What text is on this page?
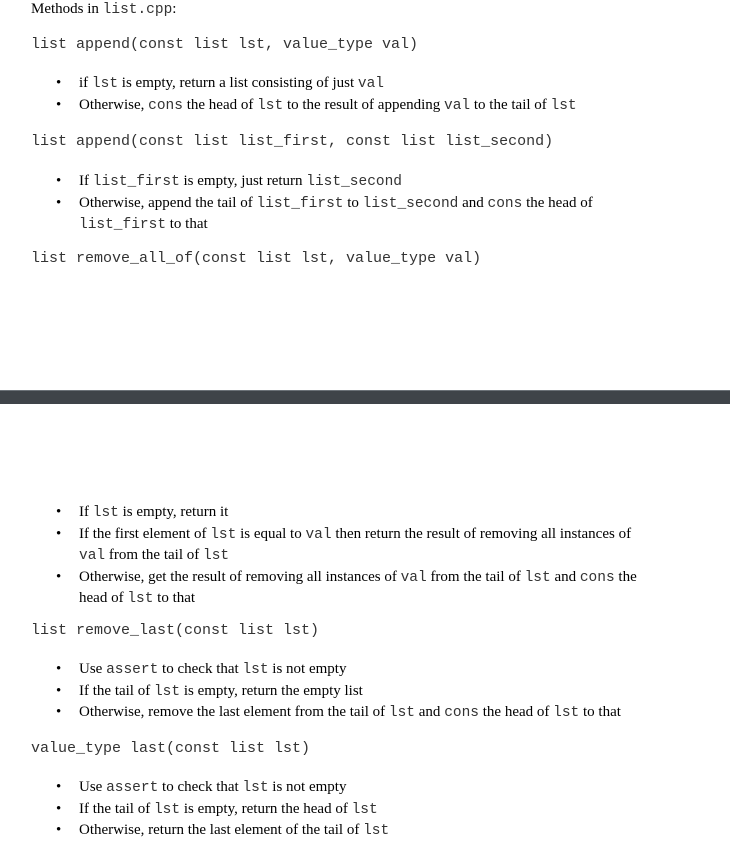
Methods in list.cpp:
list append(const list lst, value_type val)
• if lst is empty, return a list consisting of just val
• Otherwise, cons the head of lst to the result of appending val to the tail of lst
list append(const list list_first, const list list_second)
• If list_first is empty, just return list_second
• Otherwise, append the tail of list_first to list_second and cons the head of list_first to that
list remove_all_of(const list lst, value_type val)
• If lst is empty, return it
• If the first element of lst is equal to val then return the result of removing all instances of val from the tail of lst
• Otherwise, get the result of removing all instances of val from the tail of lst and cons the head of lst to that
list remove_last(const list lst)
• Use assert to check that lst is not empty
• If the tail of lst is empty, return the empty list
• Otherwise, remove the last element from the tail of lst and cons the head of lst to that
value_type last(const list lst)
• Use assert to check that lst is not empty
• If the tail of lst is empty, return the head of lst
• Otherwise, return the last element of the tail of lst
